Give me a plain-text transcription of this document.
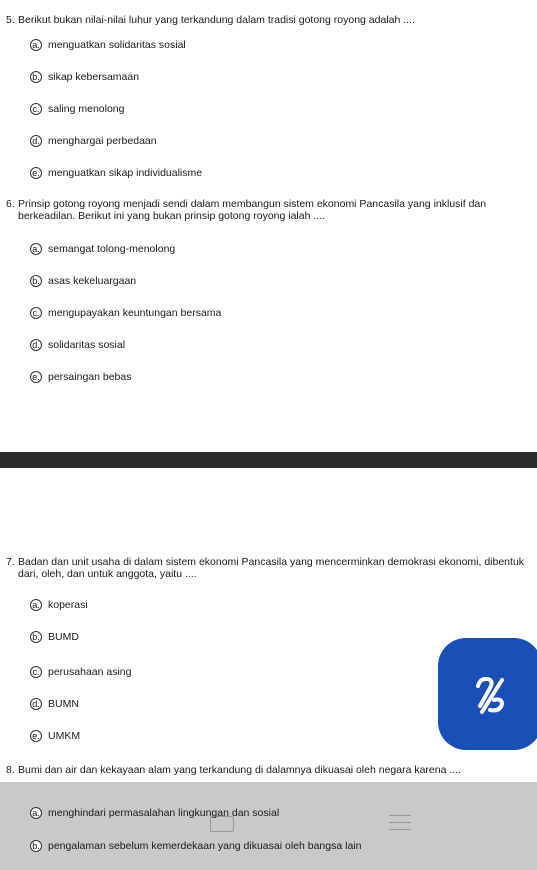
5. Berikut bukan nilai-nilai luhur yang terkandung dalam tradisi gotong royong adalah ....
a. menguatkan solidaritas sosial
b. sikap kebersamaan
c. saling menolong
d. menghargai perbedaan
e. menguatkan sikap individualisme
6. Prinsip gotong royong menjadi sendi dalam membangun sistem ekonomi Pancasila yang inklusif dan berkeadilan. Berikut ini yang bukan prinsip gotong royong ialah ....
a. semangat tolong-menolong
b. asas kekeluargaan
c. mengupayakan keuntungan bersama
d. solidaritas sosial
e. persaingan bebas
7. Badan dan unit usaha di dalam sistem ekonomi Pancasila yang mencerminkan demokrasi ekonomi, dibentuk dari, oleh, dan untuk anggota, yaitu ....
a. koperasi
b. BUMD
c. perusahaan asing
d. BUMN
e. UMKM
8. Bumi dan air dan kekayaan alam yang terkandung di dalamnya dikuasai oleh negara karena ....
a. menghindari permasalahan lingkungan dan sosial
b. pengalaman sebelum kemerdekaan yang dikuasai oleh bangsa lain
